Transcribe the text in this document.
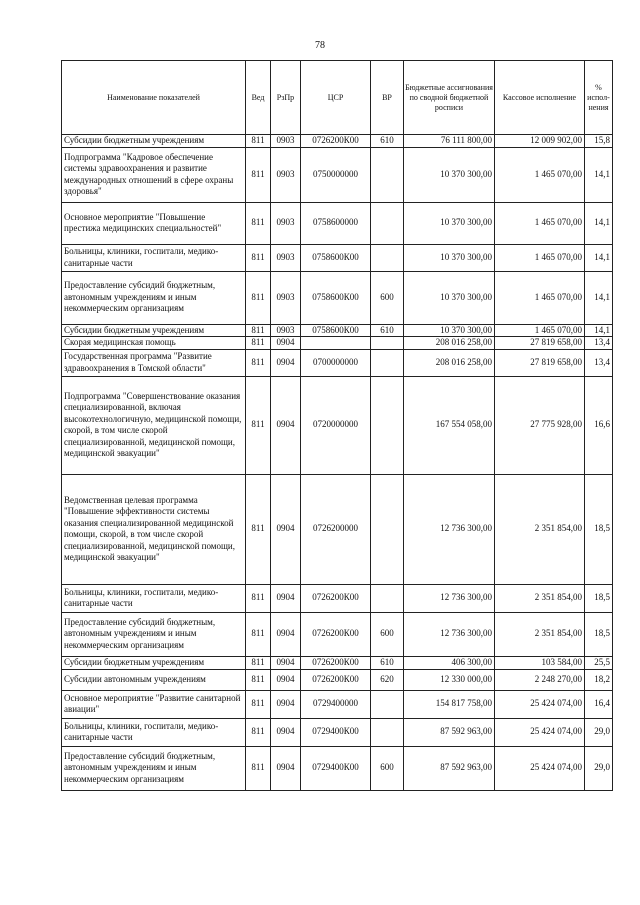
78
Наименование показателей	Вед	РзПр	ЦСР	ВР	Бюджетные ассигнования по сводной бюджетной росписи	Кассовое исполнение	% испол-нения
Субсидии бюджетным учреждениям	811	0903	0726200К00	610	76 111 800,00	12 009 902,00	15,8
Подпрограмма "Кадровое обеспечение системы здравоохранения и развитие международных отношений в сфере охраны здоровья"	811	0903	0750000000		10 370 300,00	1 465 070,00	14,1
Основное мероприятие "Повышение престижа медицинских специальностей"	811	0903	0758600000		10 370 300,00	1 465 070,00	14,1
Больницы, клиники, госпитали, медико-санитарные части	811	0903	0758600К00		10 370 300,00	1 465 070,00	14,1
Предоставление субсидий бюджетным, автономным учреждениям и иным некоммерческим организациям	811	0903	0758600К00	600	10 370 300,00	1 465 070,00	14,1
Субсидии бюджетным учреждениям	811	0903	0758600К00	610	10 370 300,00	1 465 070,00	14,1
Скорая медицинская помощь	811	0904			208 016 258,00	27 819 658,00	13,4
Государственная программа "Развитие здравоохранения в Томской области"	811	0904	0700000000		208 016 258,00	27 819 658,00	13,4
Подпрограмма "Совершенствование оказания специализированной, включая высокотехнологичную, медицинской помощи, скорой, в том числе скорой специализированной, медицинской помощи, медицинской эвакуации"	811	0904	0720000000		167 554 058,00	27 775 928,00	16,6
Ведомственная целевая программа "Повышение эффективности системы оказания специализированной медицинской помощи, скорой, в том числе скорой специализированной, медицинской помощи, медицинской эвакуации"	811	0904	0726200000		12 736 300,00	2 351 854,00	18,5
Больницы, клиники, госпитали, медико-санитарные части	811	0904	0726200К00		12 736 300,00	2 351 854,00	18,5
Предоставление субсидий бюджетным, автономным учреждениям и иным некоммерческим организациям	811	0904	0726200К00	600	12 736 300,00	2 351 854,00	18,5
Субсидии бюджетным учреждениям	811	0904	0726200К00	610	406 300,00	103 584,00	25,5
Субсидии автономным учреждениям	811	0904	0726200К00	620	12 330 000,00	2 248 270,00	18,2
Основное мероприятие "Развитие санитарной авиации"	811	0904	0729400000		154 817 758,00	25 424 074,00	16,4
Больницы, клиники, госпитали, медико-санитарные части	811	0904	0729400К00		87 592 963,00	25 424 074,00	29,0
Предоставление субсидий бюджетным, автономным учреждениям и иным некоммерческим организациям	811	0904	0729400К00	600	87 592 963,00	25 424 074,00	29,0
